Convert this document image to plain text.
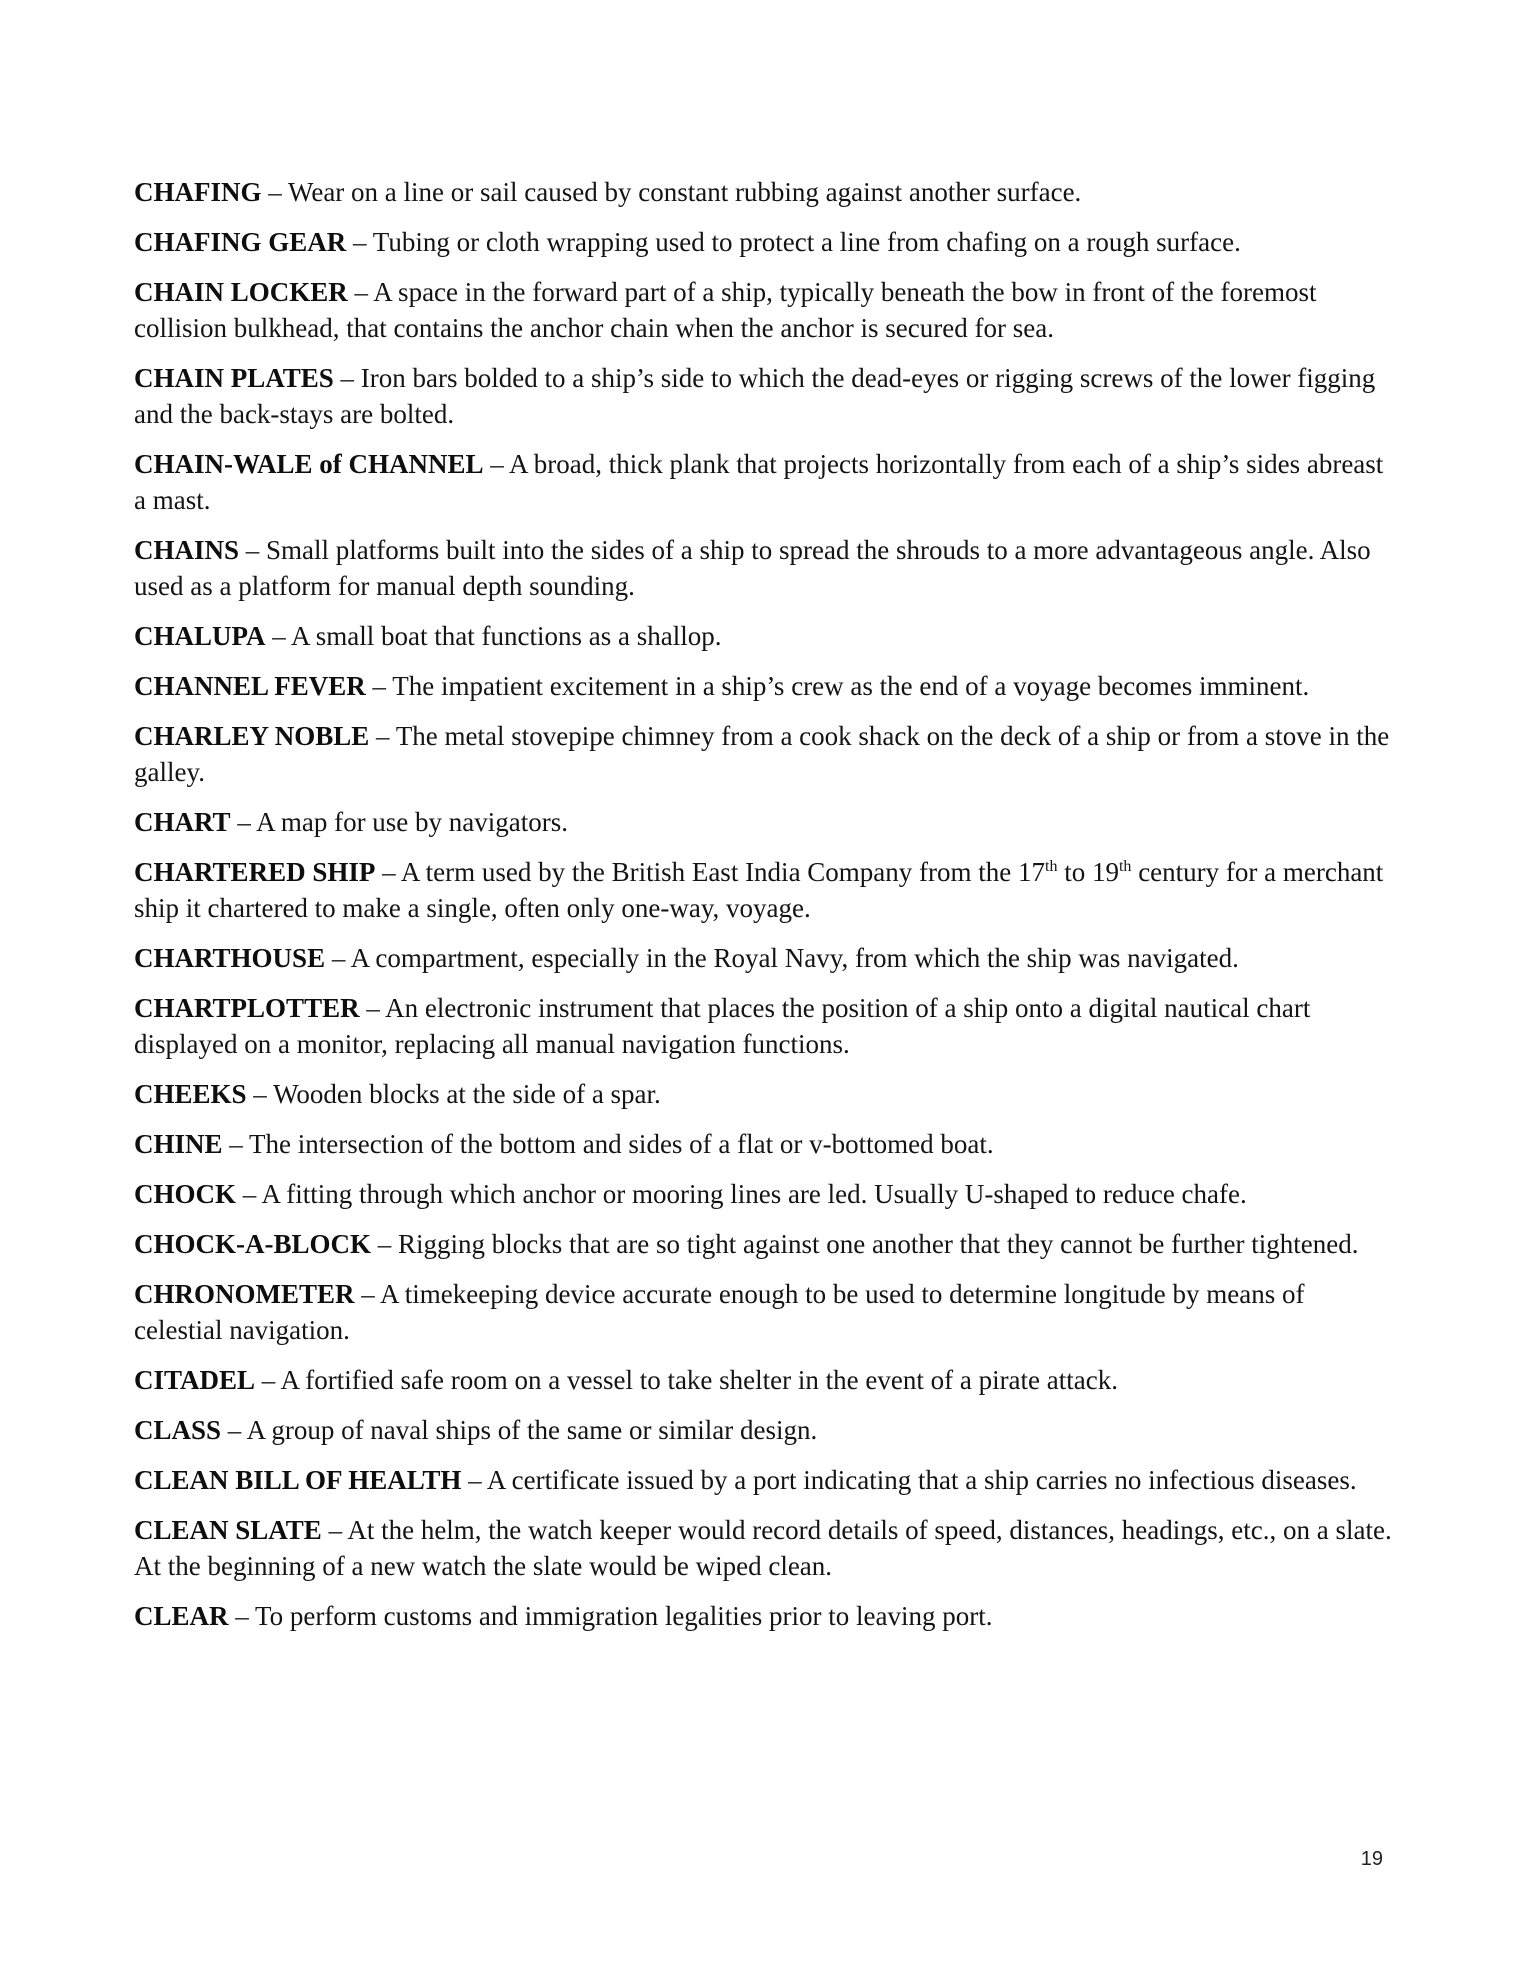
CHAFING – Wear on a line or sail caused by constant rubbing against another surface.

CHAFING GEAR – Tubing or cloth wrapping used to protect a line from chafing on a rough surface.

CHAIN LOCKER – A space in the forward part of a ship, typically beneath the bow in front of the foremost collision bulkhead, that contains the anchor chain when the anchor is secured for sea.

CHAIN PLATES – Iron bars bolded to a ship’s side to which the dead-eyes or rigging screws of the lower figging and the back-stays are bolted.

CHAIN-WALE of CHANNEL – A broad, thick plank that projects horizontally from each of a ship’s sides abreast a mast.

CHAINS – Small platforms built into the sides of a ship to spread the shrouds to a more advantageous angle. Also used as a platform for manual depth sounding.

CHALUPA – A small boat that functions as a shallop.

CHANNEL FEVER – The impatient excitement in a ship’s crew as the end of a voyage becomes imminent.

CHARLEY NOBLE – The metal stovepipe chimney from a cook shack on the deck of a ship or from a stove in the galley.

CHART – A map for use by navigators.

CHARTERED SHIP – A term used by the British East India Company from the 17th to 19th century for a merchant ship it chartered to make a single, often only one-way, voyage.

CHARTHOUSE – A compartment, especially in the Royal Navy, from which the ship was navigated.

CHARTPLOTTER – An electronic instrument that places the position of a ship onto a digital nautical chart displayed on a monitor, replacing all manual navigation functions.

CHEEKS – Wooden blocks at the side of a spar.

CHINE – The intersection of the bottom and sides of a flat or v-bottomed boat.

CHOCK – A fitting through which anchor or mooring lines are led. Usually U-shaped to reduce chafe.

CHOCK-A-BLOCK – Rigging blocks that are so tight against one another that they cannot be further tightened.

CHRONOMETER – A timekeeping device accurate enough to be used to determine longitude by means of celestial navigation.

CITADEL – A fortified safe room on a vessel to take shelter in the event of a pirate attack.

CLASS – A group of naval ships of the same or similar design.

CLEAN BILL OF HEALTH – A certificate issued by a port indicating that a ship carries no infectious diseases.

CLEAN SLATE – At the helm, the watch keeper would record details of speed, distances, headings, etc., on a slate. At the beginning of a new watch the slate would be wiped clean.

CLEAR – To perform customs and immigration legalities prior to leaving port.

19
